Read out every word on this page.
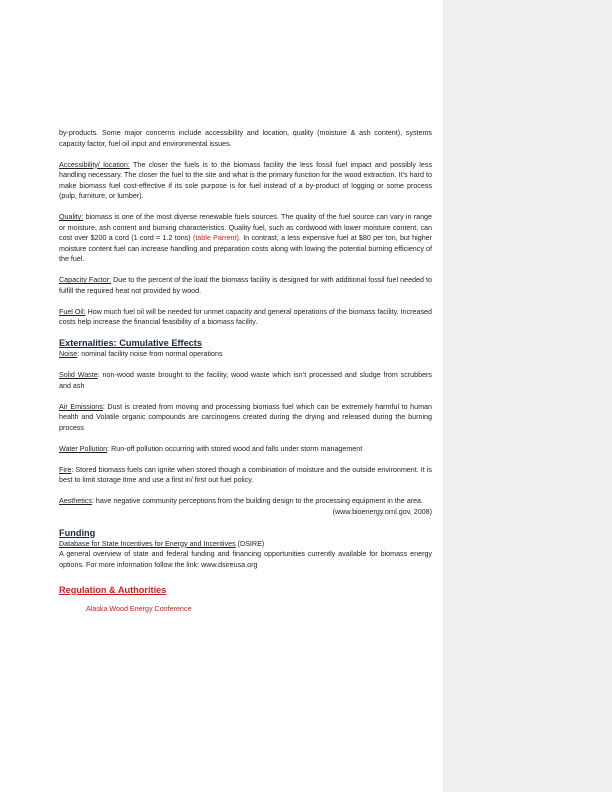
by-products. Some major concerns include accessibility and location, quality (moisture & ash content), systems capacity factor, fuel oil input and environmental issues.

Accessibility/ location: The closer the fuels is to the biomass facility the less fossil fuel impact and possibly less handling necessary. The closer the fuel to the site and what is the primary function for the wood extraction. It’s hard to make biomass fuel cost-effective if its sole purpose is for fuel instead of a by-product of logging or some process (pulp, furniture, or lumber).

Quality: biomass is one of the most diverse renewable fuels sources. The quality of the fuel source can vary in range or moisture, ash content and burning characteristics. Quality fuel, such as cordwood with lower moisture content, can cost over $200 a cord (1 cord = 1.2 tons) (table Parrent). In contrast, a less expensive fuel at $80 per ton, but higher moisture content fuel can increase handling and preparation costs along with lowing the potential burning efficiency of the fuel.

Capacity Factor: Due to the percent of the load the biomass facility is designed for with additional fossil fuel needed to fulfill the required heat not provided by wood.

Fuel Oil: How much fuel oil will be needed for unmet capacity and general operations of the biomass facility. Increased costs help increase the financial feasibility of a biomass facility.

Externalities: Cumulative Effects

Noise: nominal facility noise from normal operations

Solid Waste: non-wood waste brought to the facility, wood waste which isn’t processed and sludge from scrubbers and ash

Air Emissions: Dust is created from moving and processing biomass fuel which can be extremely harmful to human health and Volatile organic compounds are carcinogens created during the drying and released during the burning process

Water Pollution: Run-off pollution occurring with stored wood and falls under storm management

Fire: Stored biomass fuels can ignite when stored though a combination of moisture and the outside environment. It is best to limit storage time and use a first in/ first out fuel policy.

Aesthetics: have negative community perceptions from the building design to the processing equipment in the area.

(www.bioenergy.ornl.gov, 2008)

Funding

Database for State Incentives for Energy and Incentives (DSIRE)
A general overview of state and federal funding and financing opportunities currently available for biomass energy options. For more information follow the link: www.dsireusa.org

Regulation & Authorities

Alaska Wood Energy Conference
